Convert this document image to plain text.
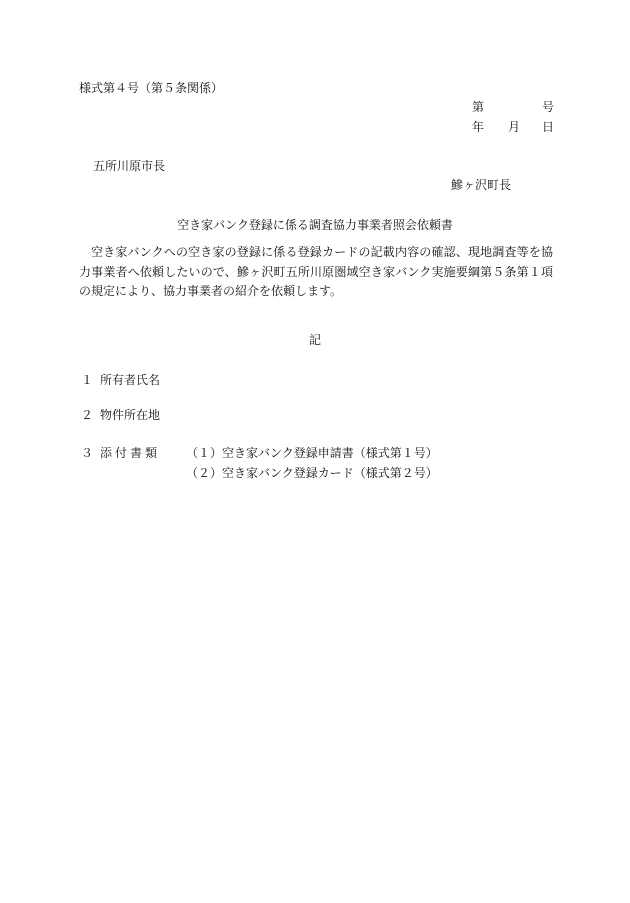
様式第４号（第５条関係）
第	号
年 月 日
五所川原市長
鰺ヶ沢町長
空き家バンク登録に係る調査協力事業者照会依頼書
空き家バンクへの空き家の登録に係る登録カードの記載内容の確認、現地調査等を協力事業者へ依頼したいので、鰺ヶ沢町五所川原圏域空き家バンク実施要綱第５条第１項の規定により、協力事業者の紹介を依頼します。
記
１ 所有者氏名
２ 物件所在地
３ 添付書類 （１）空き家バンク登録申請書（様式第１号）
（２）空き家バンク登録カード（様式第２号）
